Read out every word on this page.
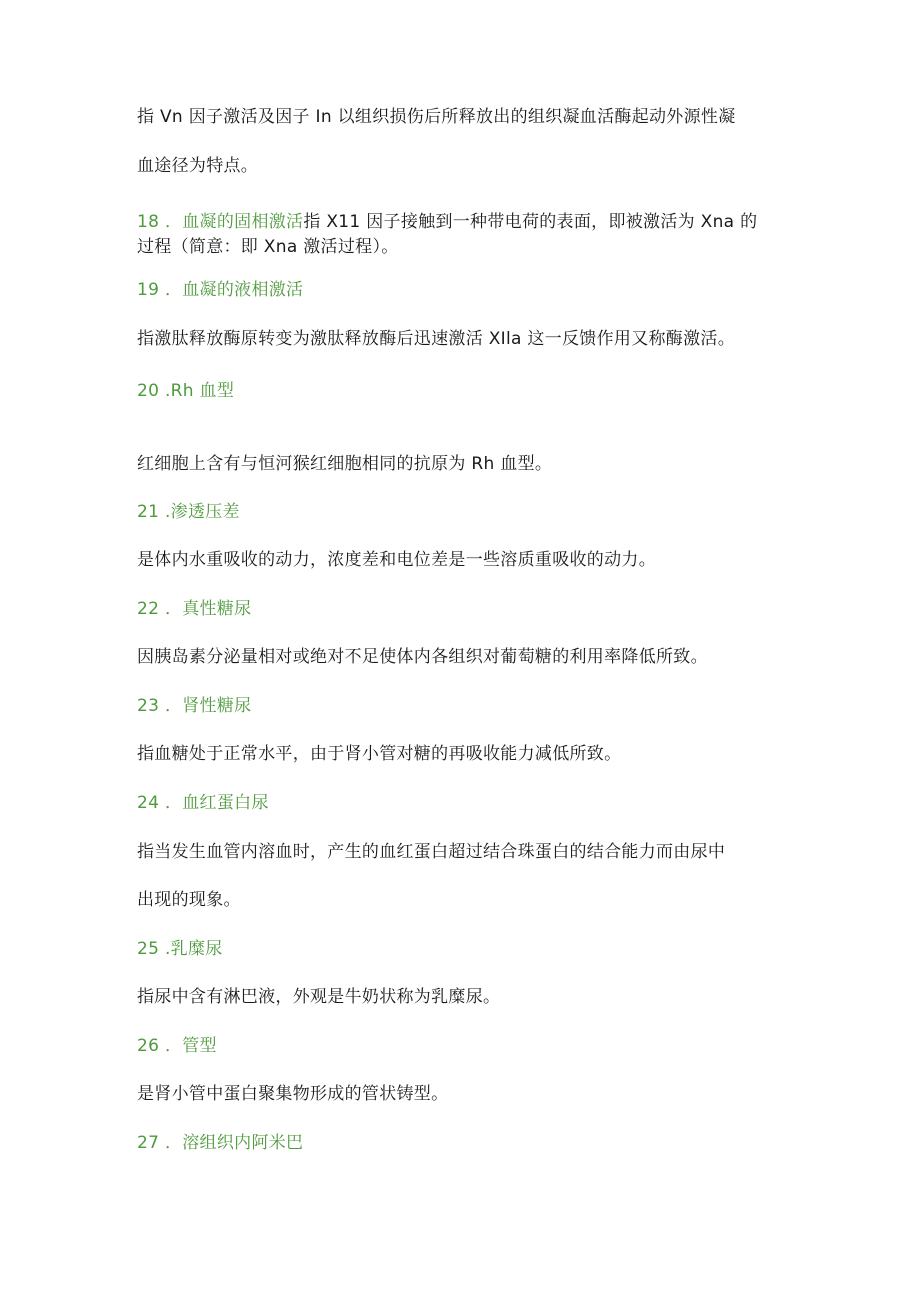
指 Vn 因子激活及因子 In 以组织损伤后所释放出的组织凝血活酶起动外源性凝
血途径为特点。
18 ．血凝的固相激活指 X11 因子接触到一种带电荷的表面，即被激活为 Xna 的
过程（简意：即 Xna 激活过程）。
19 ．血凝的液相激活
指激肽释放酶原转变为激肽释放酶后迅速激活 XIla 这一反馈作用又称酶激活。
20 .Rh 血型
红细胞上含有与恒河猴红细胞相同的抗原为 Rh 血型。
21 .渗透压差
是体内水重吸收的动力，浓度差和电位差是一些溶质重吸收的动力。
22 ．真性糖尿
因胰岛素分泌量相对或绝对不足使体内各组织对葡萄糖的利用率降低所致。
23 ．肾性糖尿
指血糖处于正常水平，由于肾小管对糖的再吸收能力减低所致。
24 ．血红蛋白尿
指当发生血管内溶血时，产生的血红蛋白超过结合珠蛋白的结合能力而由尿中
出现的现象。
25 .乳糜尿
指尿中含有淋巴液，外观是牛奶状称为乳糜尿。
26 ．管型
是肾小管中蛋白聚集物形成的管状铸型。
27 ．溶组织内阿米巴
